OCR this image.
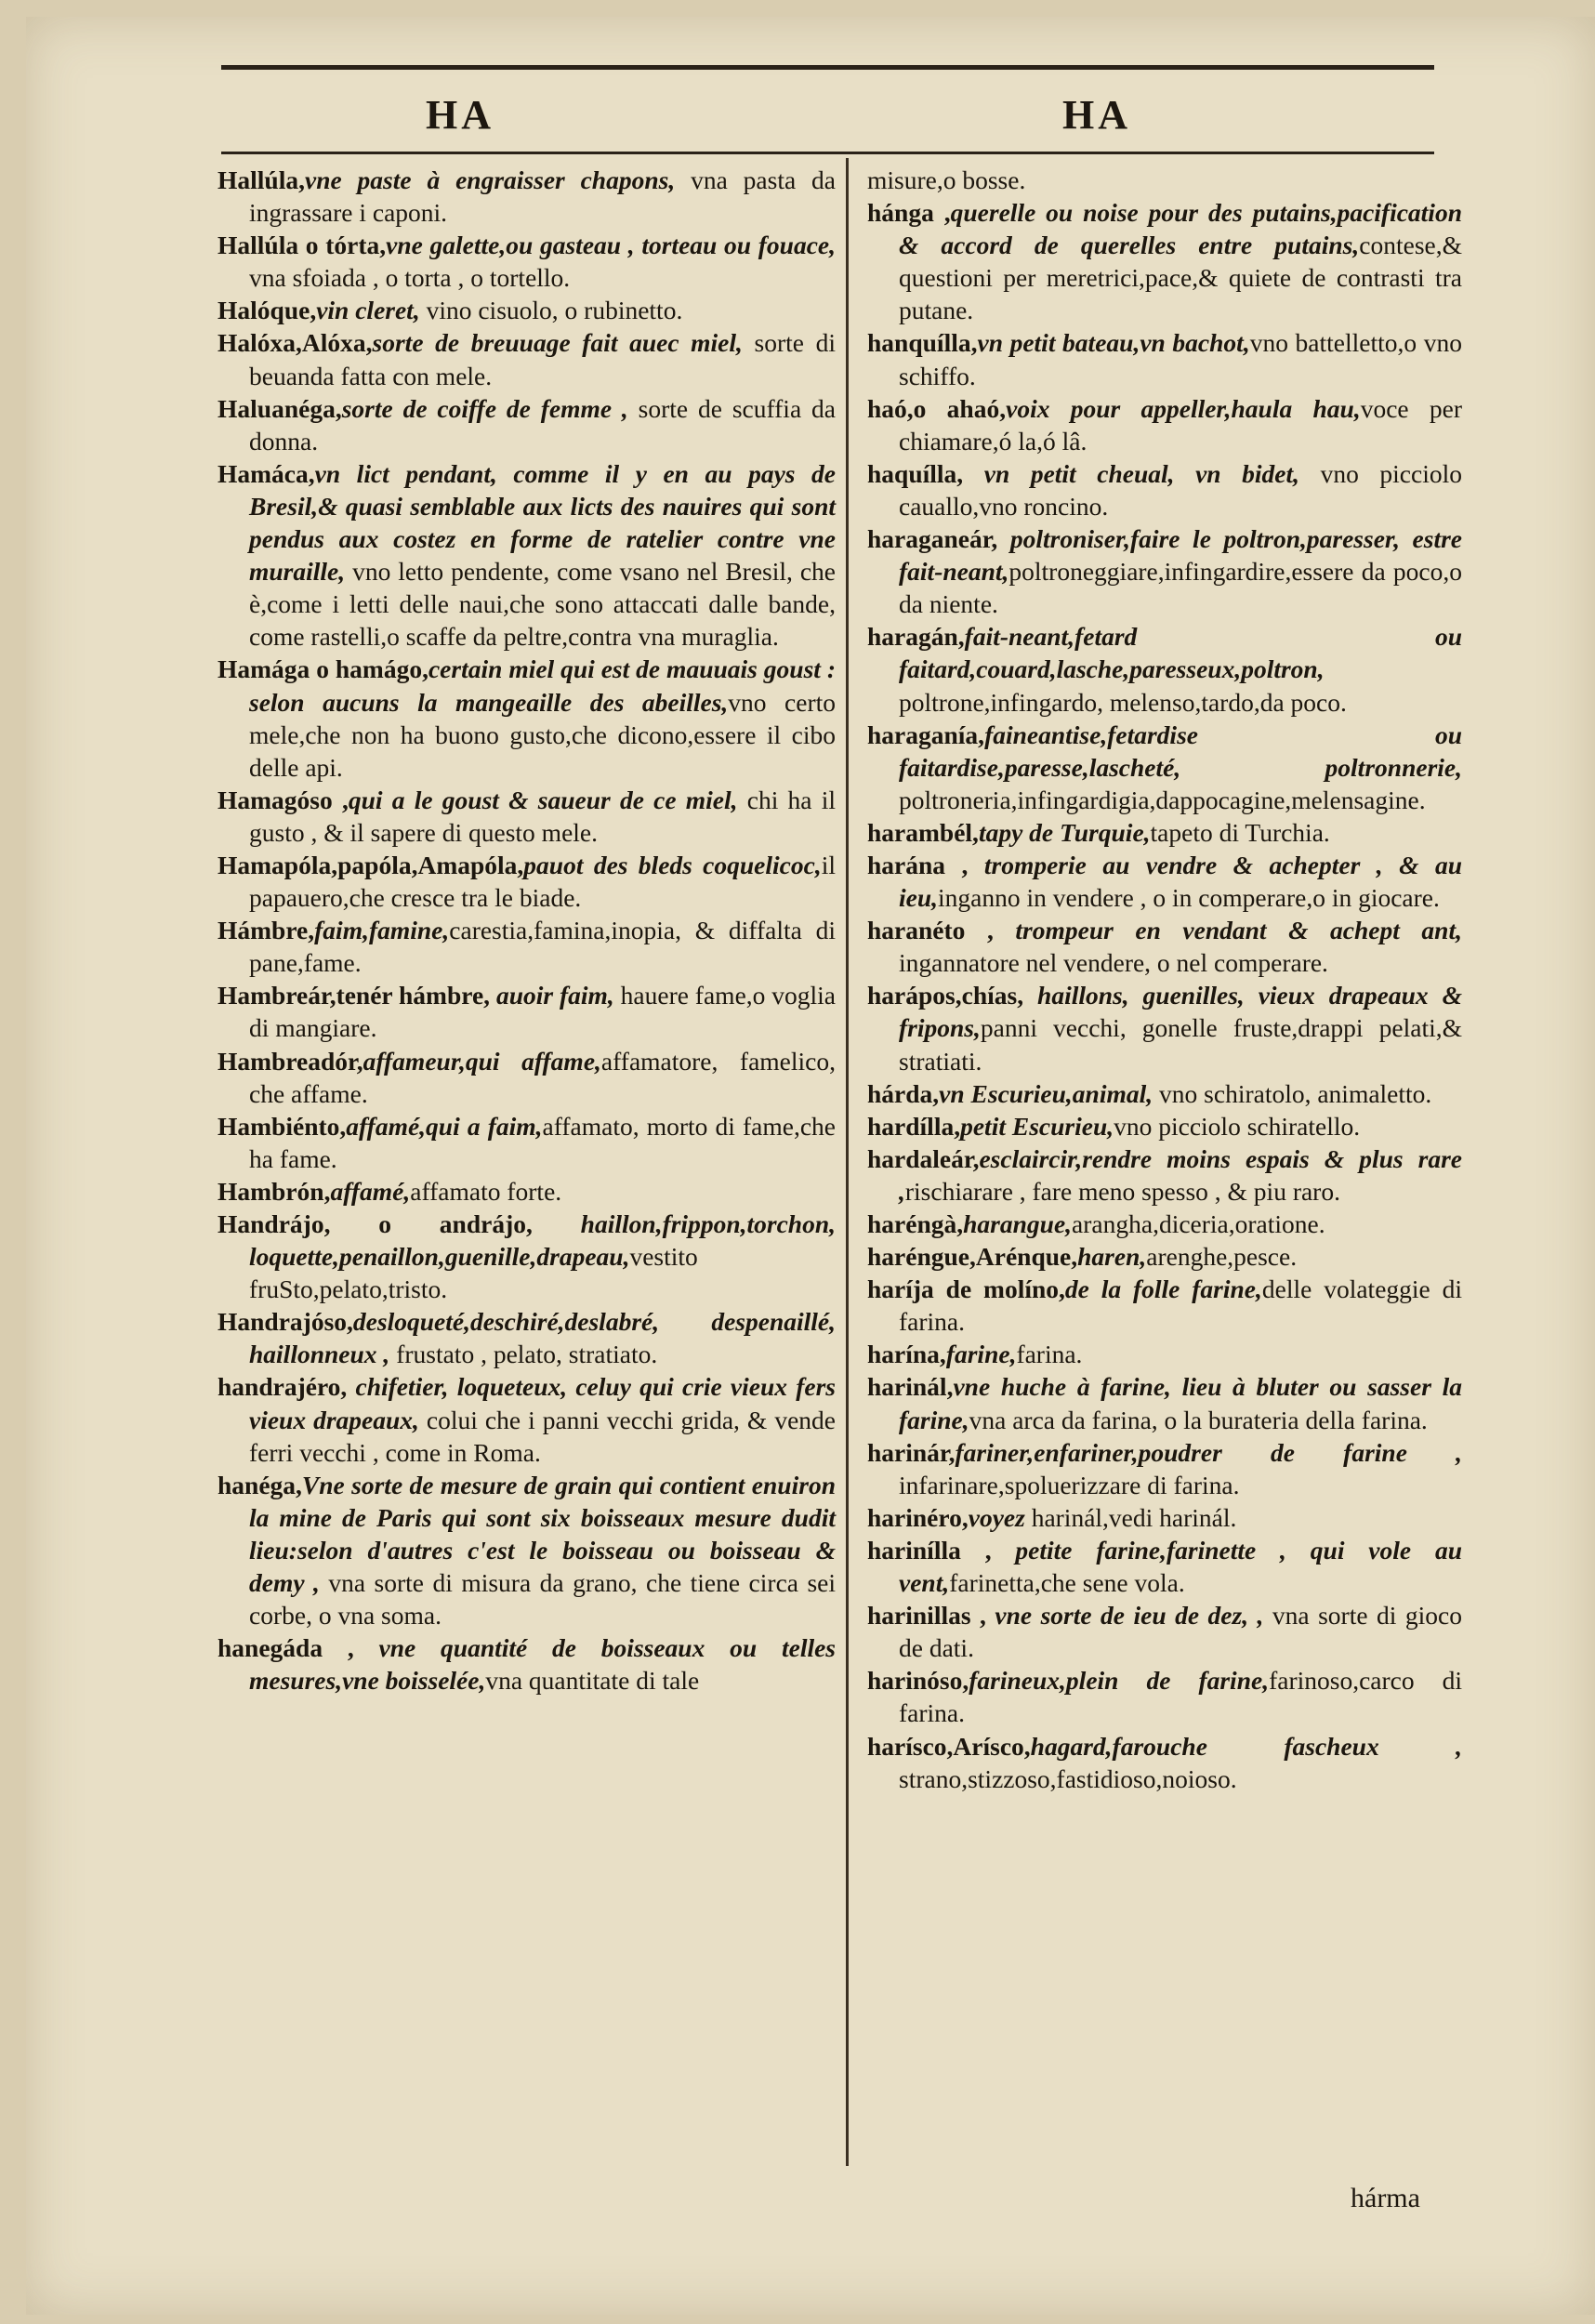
HA	HA

Hallúla,vne paste à engraisser chapons, vna pasta da ingrassare i caponi.

Hallúla o tórta,vne galette,ou gasteau , torteau ou fouace, vna sfoiada , o torta , o tortello.

Halóque,vin cleret, vino cisuolo, o rubinetto.

Halóxa,Alóxa,sorte de breuuage fait auec miel, sorte di beuanda fatta con mele.

Haluanéga,sorte de coiffe de femme , sorte de scuffia da donna.

Hamáca,vn lict pendant, comme il y en au pays de Bresil,& quasi semblable aux licts des nauires qui sont pendus aux costez en forme de ratelier contre vne muraille, vno letto pendente, come vsano nel Bresil, che è,come i letti delle naui,che sono attaccati dalle bande, come rastelli,o scaffe da peltre,contra vna muraglia.

Hamága o hamágo,certain miel qui est de mauuais goust : selon aucuns la mangeaille des abeilles,vno certo mele,che non ha buono gusto,che dicono,essere il cibo delle api.

Hamagóso ,qui a le goust & saueur de ce miel, chi ha il gusto , & il sapere di questo mele.

Hamapóla,papóla,Amapóla,pauot des bleds coquelicoc,il papauero,che cresce tra le biade.

Hámbre,faim,famine,carestia,famina,inopia, & diffalta di pane,fame.

Hambreár,tenér hámbre, auoir faim, hauere fame,o voglia di mangiare.

Hambreadór,affameur,qui affame,affamatore, famelico, che affame.

Hambiénto,affamé,qui a faim,affamato, morto di fame,che ha fame.

Hambrón,affamé,affamato forte.

Handrájo, o andrájo, haillon,frippon,torchon, loquette,penaillon,guenille,drapeau,vestito fruSto,pelato,tristo.

Handrajóso,desloqueté,deschiré,deslabré, despenaillé, haillonneux , frustato , pelato, stratiato.

handrajéro, chifetier, loqueteux, celuy qui crie vieux fers vieux drapeaux, colui che i panni vecchi grida, & vende ferri vecchi , come in Roma.

hanéga,Vne sorte de mesure de grain qui contient enuiron la mine de Paris qui sont six boisseaux mesure dudit lieu:selon d'autres c'est le boisseau ou boisseau & demy , vna sorte di misura da grano, che tiene circa sei corbe, o vna soma.

hanegáda , vne quantité de boisseaux ou telles mesures,vne boisselée,vna quantitate di tale

misure,o bosse.

hánga ,querelle ou noise pour des putains,pacification & accord de querelles entre putains,contese,& questioni per meretrici,pace,& quiete de contrasti tra putane.

hanquílla,vn petit bateau,vn bachot,vno battelletto,o vno schiffo.

haó,o ahaó,voix pour appeller,haula hau,voce per chiamare,ó la,ó lâ.

haquílla, vn petit cheual, vn bidet, vno picciolo cauallo,vno roncino.

haraganeár, poltroniser,faire le poltron,paresser, estre fait-neant,poltroneggiare,infingardire,essere da poco,o da niente.

haragán,fait-neant,fetard ou faitard,couard,lasche,paresseux,poltron, poltrone,infingardo, melenso,tardo,da poco.

haraganía,faineantise,fetardise ou faitardise,paresse,lascheté, poltronnerie, poltroneria,infingardigia,dappocagine,melensagine.

harambél,tapy de Turquie,tapeto di Turchia.

harána , tromperie au vendre & achepter , & au ieu,inganno in vendere , o in comperare,o in giocare.

haranéto , trompeur en vendant & achept ant, ingannatore nel vendere, o nel comperare.

harápos,chías, haillons, guenilles, vieux drapeaux & fripons,panni vecchi, gonelle fruste,drappi pelati,& stratiati.

hárda,vn Escurieu,animal, vno schiratolo, animaletto.

hardílla,petit Escurieu,vno picciolo schiratello.

hardaleár,esclaircir,rendre moins espais & plus rare ,rischiarare , fare meno spesso , & piu raro.

haréngà,harangue,arangha,diceria,oratione.

haréngue,Arénque,haren,arenghe,pesce.

haríja de molíno,de la folle farine,delle volateggie di farina.

harína,farine,farina.

harinál,vne huche à farine, lieu à bluter ou sasser la farine,vna arca da farina, o la burateria della farina.

harinár,fariner,enfariner,poudrer de farine , infarinare,spoluerizzare di farina.

harinéro,voyez harinál,vedi harinál.

harinílla , petite farine,farinette , qui vole au vent,farinetta,che sene vola.

harinillas , vne sorte de ieu de dez, , vna sorte di gioco de dati.

harinóso,farineux,plein de farine,farinoso,carco di farina.

harísco,Arísco,hagard,farouche fascheux , strano,stizzoso,fastidioso,noioso.

hárma
